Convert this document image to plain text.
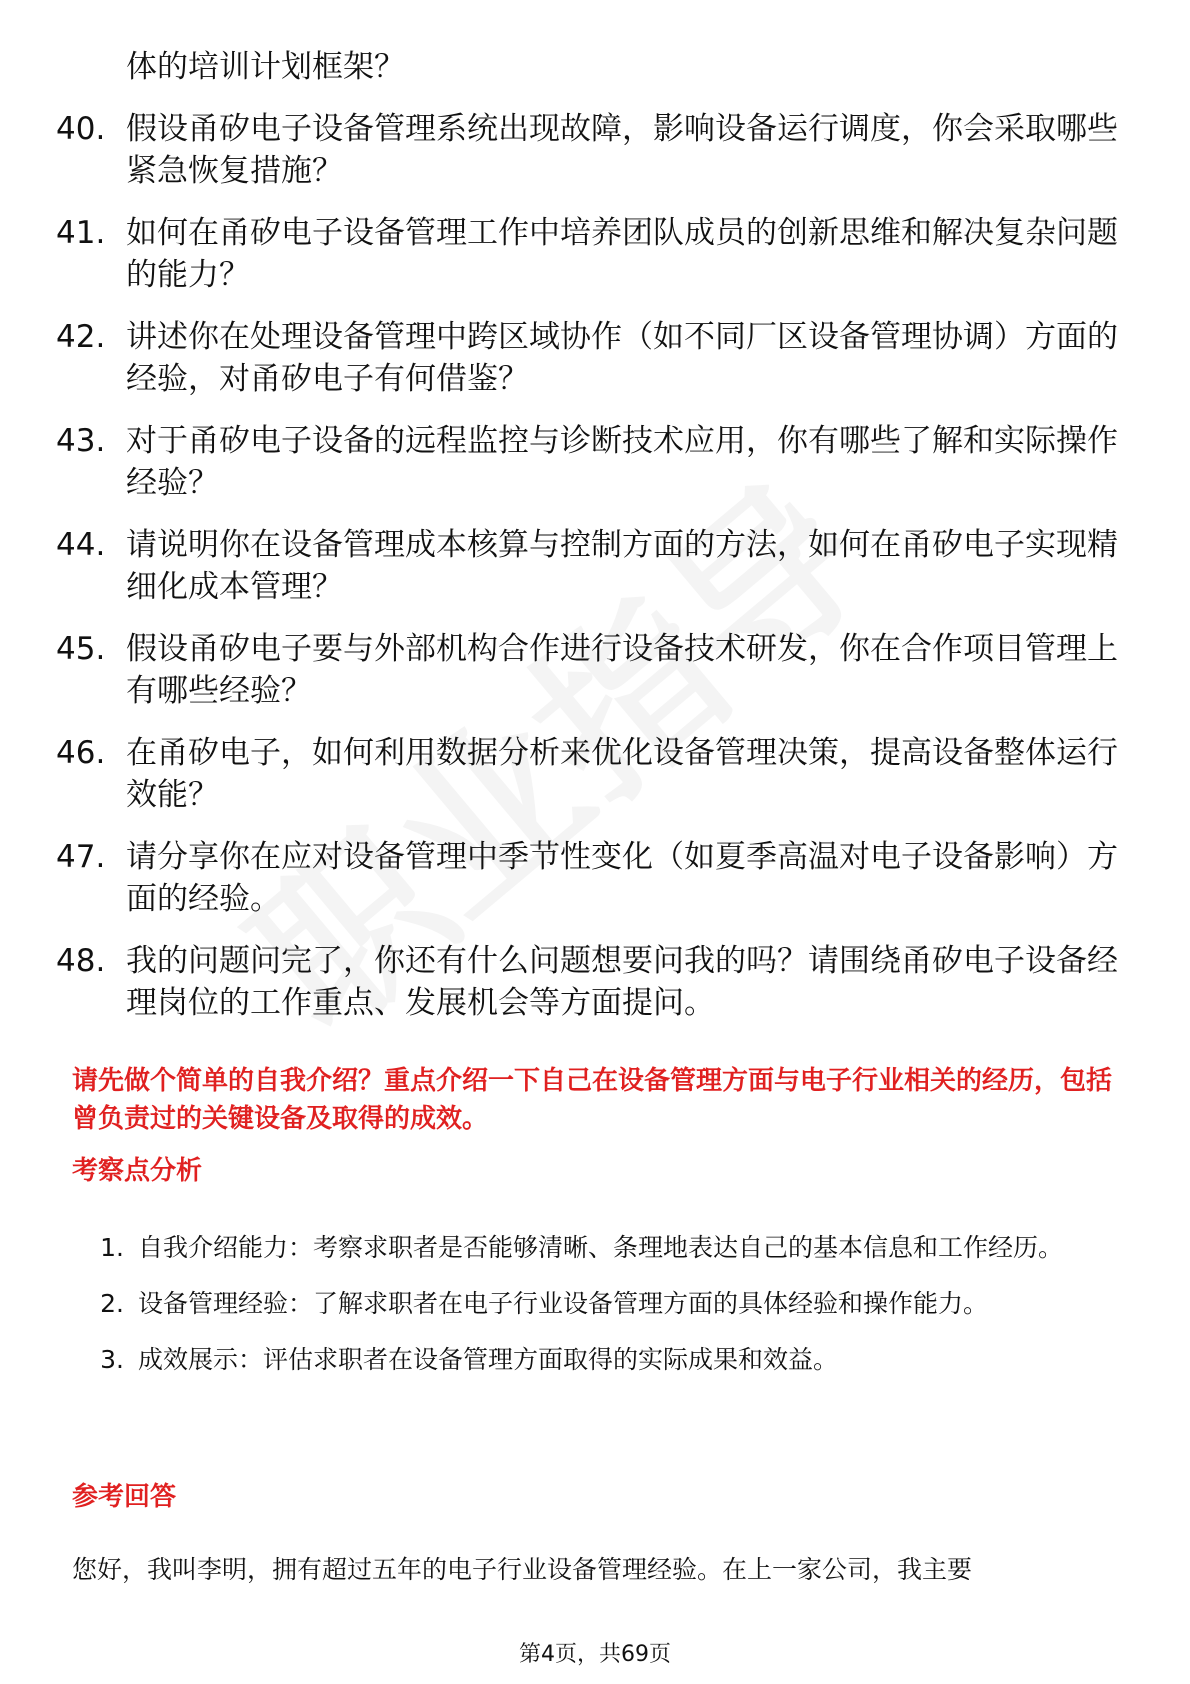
体的培训计划框架？
40. 假设甬矽电子设备管理系统出现故障，影响设备运行调度，你会采取哪些紧急恢复措施？
41. 如何在甬矽电子设备管理工作中培养团队成员的创新思维和解决复杂问题的能力？
42. 讲述你在处理设备管理中跨区域协作（如不同厂区设备管理协调）方面的经验，对甬矽电子有何借鉴？
43. 对于甬矽电子设备的远程监控与诊断技术应用，你有哪些了解和实际操作经验？
44. 请说明你在设备管理成本核算与控制方面的方法，如何在甬矽电子实现精细化成本管理？
45. 假设甬矽电子要与外部机构合作进行设备技术研发，你在合作项目管理上有哪些经验？
46. 在甬矽电子，如何利用数据分析来优化设备管理决策，提高设备整体运行效能？
47. 请分享你在应对设备管理中季节性变化（如夏季高温对电子设备影响）方面的经验。
48. 我的问题问完了，你还有什么问题想要问我的吗？请围绕甬矽电子设备经理岗位的工作重点、发展机会等方面提问。
请先做个简单的自我介绍？重点介绍一下自己在设备管理方面与电子行业相关的经历，包括曾负责过的关键设备及取得的成效。
考察点分析
1. 自我介绍能力：考察求职者是否能够清晰、条理地表达自己的基本信息和工作经历。
2. 设备管理经验：了解求职者在电子行业设备管理方面的具体经验和操作能力。
3. 成效展示：评估求职者在设备管理方面取得的实际成果和效益。
参考回答
您好，我叫李明，拥有超过五年的电子行业设备管理经验。在上一家公司，我主要
第4页，共69页
